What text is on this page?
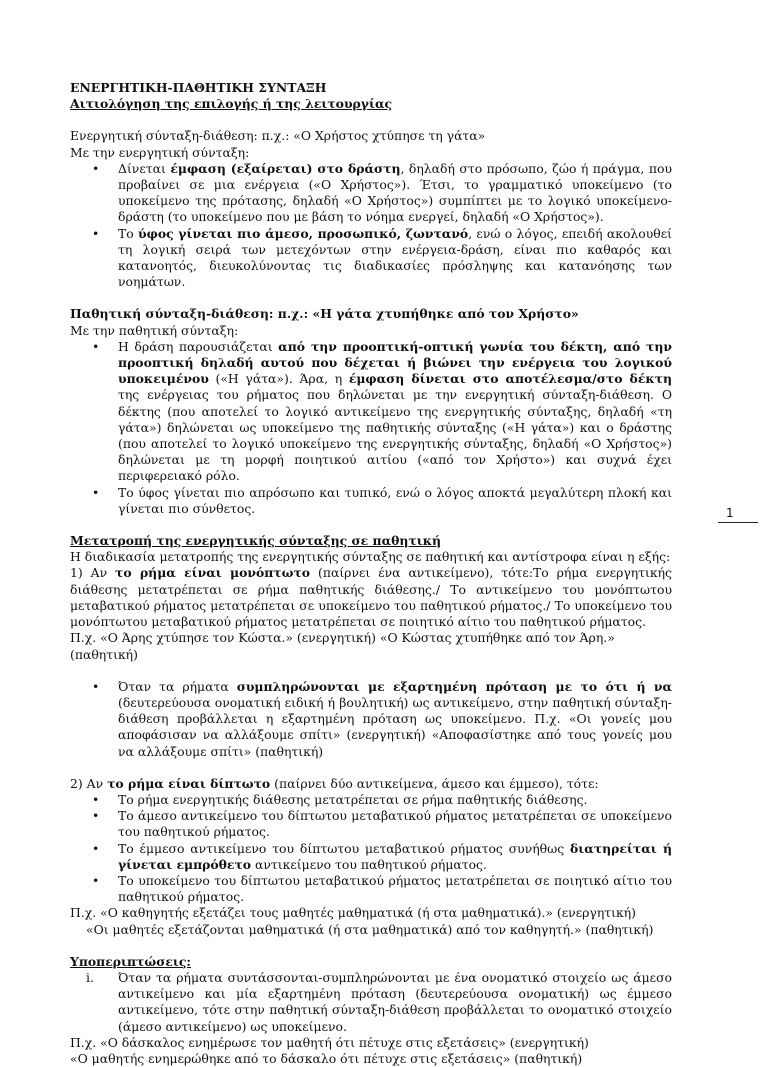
ΕΝΕΡΓΗΤΙΚΗ-ΠΑΘΗΤΙΚΗ ΣΥΝΤΑΞΗ

Αιτιολόγηση της επιλογής ή της λειτουργίας

Ενεργητική σύνταξη-διάθεση: π.χ.: «Ο Χρήστος χτύπησε τη γάτα»

Με την ενεργητική σύνταξη:

• Δίνεται έμφαση (εξαίρεται) στο δράστη, δηλαδή στο πρόσωπο, ζώο ή πράγμα, που προβαίνει σε μια ενέργεια («Ο Χρήστος»). Έτσι, το γραμματικό υποκείμενο (το υποκείμενο της πρότασης, δηλαδή «Ο Χρήστος») συμπίπτει με το λογικό υποκείμενο-δράστη (το υποκείμενο που με βάση το νόημα ενεργεί, δηλαδή «Ο Χρήστος»).
• Το ύφος γίνεται πιο άμεσο, προσωπικό, ζωντανό, ενώ ο λόγος, επειδή ακολουθεί τη λογική σειρά των μετεχόντων στην ενέργεια-δράση, είναι πιο καθαρός και κατανοητός, διευκολύνοντας τις διαδικασίες πρόσληψης και κατανόησης των νοημάτων.

Παθητική σύνταξη-διάθεση: π.χ.: «Η γάτα χτυπήθηκε από τον Χρήστο»

Με την παθητική σύνταξη:

• Η δράση παρουσιάζεται από την προοπτική-οπτική γωνία του δέκτη, από την προοπτική δηλαδή αυτού που δέχεται ή βιώνει την ενέργεια του λογικού υποκειμένου («Η γάτα»). Άρα, η έμφαση δίνεται στο αποτέλεσμα/στο δέκτη της ενέργειας του ρήματος που δηλώνεται με την ενεργητική σύνταξη-διάθεση. Ο δέκτης (που αποτελεί το λογικό αντικείμενο της ενεργητικής σύνταξης, δηλαδή «τη γάτα») δηλώνεται ως υποκείμενο της παθητικής σύνταξης («Η γάτα») και ο δράστης (που αποτελεί το λογικό υποκείμενο της ενεργητικής σύνταξης, δηλαδή «Ο Χρήστος») δηλώνεται με τη μορφή ποιητικού αιτίου («από τον Χρήστο») και συχνά έχει περιφερειακό ρόλο.
• Το ύφος γίνεται πιο απρόσωπο και τυπικό, ενώ ο λόγος αποκτά μεγαλύτερη πλοκή και γίνεται πιο σύνθετος.

Μετατροπή της ενεργητικής σύνταξης σε παθητική

Η διαδικασία μετατροπής της ενεργητικής σύνταξης σε παθητική και αντίστροφα είναι η εξής:

1) Αν το ρήμα είναι μονόπτωτο (παίρνει ένα αντικείμενο), τότε:Το ρήμα ενεργητικής διάθεσης μετατρέπεται σε ρήμα παθητικής διάθεσης./ Το αντικείμενο του μονόπτωτου μεταβατικού ρήματος μετατρέπεται σε υποκείμενο του παθητικού ρήματος./ Το υποκείμενο του μονόπτωτου μεταβατικού ρήματος μετατρέπεται σε ποιητικό αίτιο του παθητικού ρήματος.

Π.χ. «Ο Άρης χτύπησε τον Κώστα.» (ενεργητική) «Ο Κώστας χτυπήθηκε από τον Άρη.» (παθητική)

• Όταν τα ρήματα συμπληρώνονται με εξαρτημένη πρόταση με το ότι ή να (δευτερεύουσα ονοματική ειδική ή βουλητική) ως αντικείμενο, στην παθητική σύνταξη-διάθεση προβάλλεται η εξαρτημένη πρόταση ως υποκείμενο. Π.χ. «Οι γονείς μου αποφάσισαν να αλλάξουμε σπίτι» (ενεργητική) «Αποφασίστηκε από τους γονείς μου να αλλάξουμε σπίτι» (παθητική)

2) Αν το ρήμα είναι δίπτωτο (παίρνει δύο αντικείμενα, άμεσο και έμμεσο), τότε:

• Το ρήμα ενεργητικής διάθεσης μετατρέπεται σε ρήμα παθητικής διάθεσης.
• Το άμεσο αντικείμενο του δίπτωτου μεταβατικού ρήματος μετατρέπεται σε υποκείμενο του παθητικού ρήματος.
• Το έμμεσο αντικείμενο του δίπτωτου μεταβατικού ρήματος συνήθως διατηρείται ή γίνεται εμπρόθετο αντικείμενο του παθητικού ρήματος.
• Το υποκείμενο του δίπτωτου μεταβατικού ρήματος μετατρέπεται σε ποιητικό αίτιο του παθητικού ρήματος.

Π.χ. «Ο καθηγητής εξετάζει τους μαθητές μαθηματικά (ή στα μαθηματικά).» (ενεργητική)

«Οι μαθητές εξετάζονται μαθηματικά (ή στα μαθηματικά) από τον καθηγητή.» (παθητική)

Υποπεριπτώσεις:

i. Όταν τα ρήματα συντάσσονται-συμπληρώνονται με ένα ονοματικό στοιχείο ως άμεσο αντικείμενο και μία εξαρτημένη πρόταση (δευτερεύουσα ονοματική) ως έμμεσο αντικείμενο, τότε στην παθητική σύνταξη-διάθεση προβάλλεται το ονοματικό στοιχείο (άμεσο αντικείμενο) ως υποκείμενο.

Π.χ. «Ο δάσκαλος ενημέρωσε τον μαθητή ότι πέτυχε στις εξετάσεις» (ενεργητική)

«Ο μαθητής ενημερώθηκε από το δάσκαλο ότι πέτυχε στις εξετάσεις» (παθητική)

1
